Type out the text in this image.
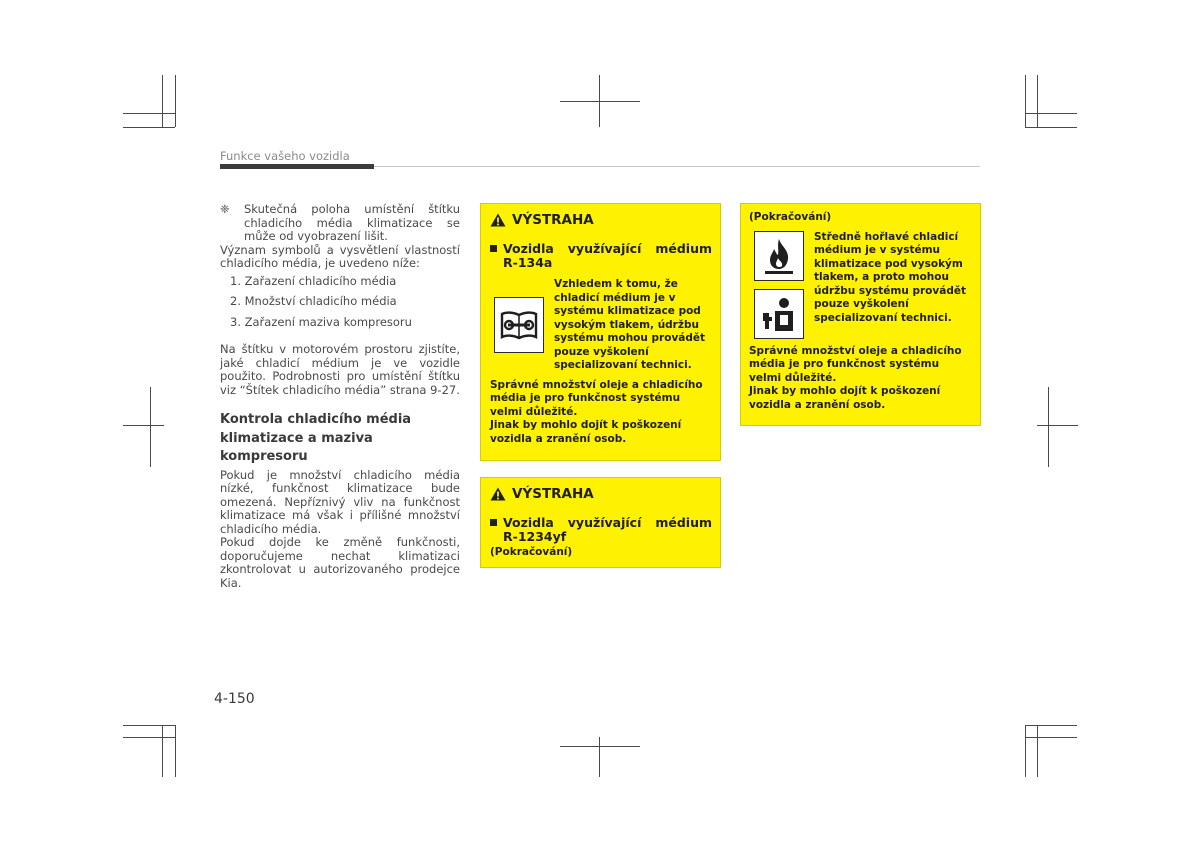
Funkce vašeho vozidla
❈	Skutečná poloha umístění štítku chladicího média klimatizace se může od vyobrazení lišit.

Význam symbolů a vysvětlení vlastností chladicího média, je uvedeno níže:

1. Zařazení chladicího média
2. Množství chladicího média
3. Zařazení maziva kompresoru

Na štítku v motorovém prostoru zjistíte, jaké chladicí médium je ve vozidle použito. Podrobnosti pro umístění štítku viz “Štítek chladicího média” strana 9-27.

Kontrola chladicího média klimatizace a maziva kompresoru

Pokud je množství chladicího média nízké, funkčnost klimatizace bude omezená. Nepříznivý vliv na funkčnost klimatizace má však i přílišné množství chladicího média.

Pokud dojde ke změně funkčnosti, doporučujeme nechat klimatizaci zkontrolovat u autorizovaného prodejce Kia.

VÝSTRAHA
Vozidla využívající médium
R-134a
Vzhledem k tomu, že chladicí médium je v systému klimatizace pod vysokým tlakem, údržbu systému mohou provádět pouze vyškolení specializovaní technici.
Správné množství oleje a chladicího média je pro funkčnost systému velmi důležité.
Jinak by mohlo dojít k poškození vozidla a zranění osob.
VÝSTRAHA
Vozidla využívající médium
R-1234yf
(Pokračování)
(Pokračování)
Středně hořlavé chladicí médium je v systému klimatizace pod vysokým tlakem, a proto mohou údržbu systému provádět pouze vyškolení specializovaní technici.
Správné množství oleje a chladicího média je pro funkčnost systému velmi důležité.
Jinak by mohlo dojít k poškození vozidla a zranění osob.
4-150
